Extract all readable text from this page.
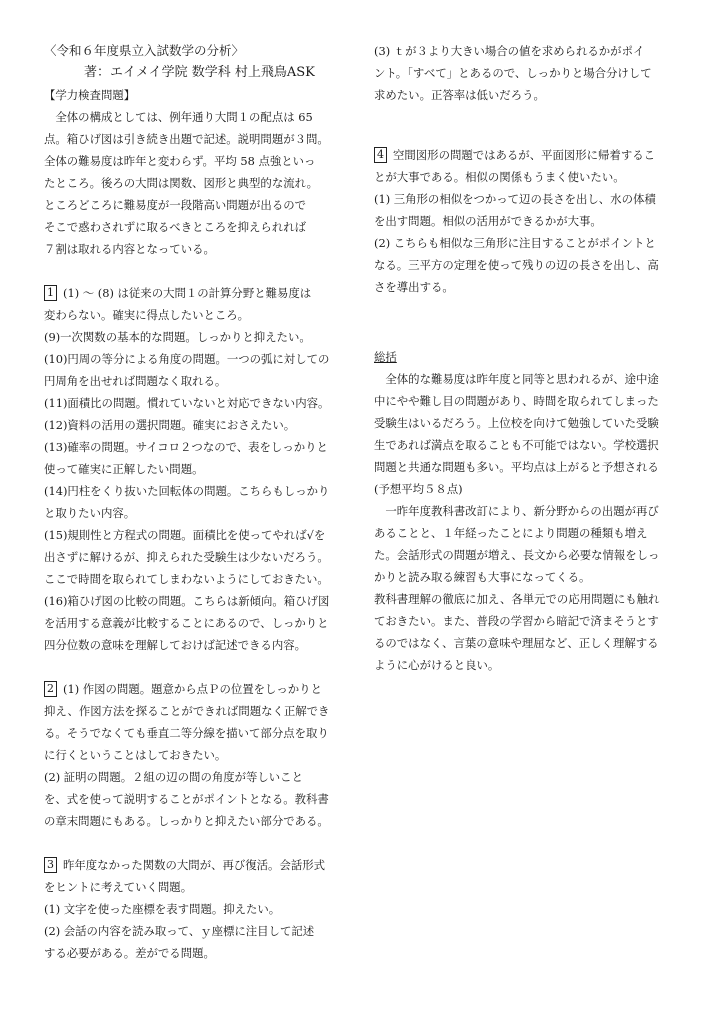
〈令和６年度県立入試数学の分析〉
著：エイメイ学院 数学科 村上飛鳥ASK
【学力検査問題】
　全体の構成としては、例年通り大問１の配点は 65
点。箱ひげ図は引き続き出題で記述。説明問題が３問。
全体の難易度は昨年と変わらず。平均 58 点強といっ
たところ。後ろの大問は関数、図形と典型的な流れ。
ところどころに難易度が一段階高い問題が出るので
そこで惑わされずに取るべきところを抑えられれば
７割は取れる内容となっている。
1 (1) ～ (8) は従来の大問１の計算分野と難易度は
変わらない。確実に得点したいところ。
(9)一次関数の基本的な問題。しっかりと抑えたい。
(10)円周の等分による角度の問題。一つの弧に対しての
円周角を出せれば問題なく取れる。
(11)面積比の問題。慣れていないと対応できない内容。
(12)資料の活用の選択問題。確実におさえたい。
(13)確率の問題。サイコロ２つなので、表をしっかりと
使って確実に正解したい問題。
(14)円柱をくり抜いた回転体の問題。こちらもしっかり
と取りたい内容。
(15)規則性と方程式の問題。面積比を使ってやれば√を
出さずに解けるが、抑えられた受験生は少ないだろう。
ここで時間を取られてしまわないようにしておきたい。
(16)箱ひげ図の比較の問題。こちらは新傾向。箱ひげ図
を活用する意義が比較することにあるので、しっかりと
四分位数の意味を理解しておけば記述できる内容。
2 (1) 作図の問題。題意から点Ｐの位置をしっかりと
抑え、作図方法を探ることができれば問題なく正解でき
る。そうでなくても垂直二等分線を描いて部分点を取り
に行くということはしておきたい。
(2) 証明の問題。２組の辺の間の角度が等しいこと
を、式を使って説明することがポイントとなる。教科書
の章末問題にもある。しっかりと抑えたい部分である。
3 昨年度なかった関数の大問が、再び復活。会話形式
をヒントに考えていく問題。
(1) 文字を使った座標を表す問題。抑えたい。
(2) 会話の内容を読み取って、ｙ座標に注目して記述
する必要がある。差がでる問題。
(3) ｔが３より大きい場合の値を求められるかがポイ
ント。「すべて」とあるので、しっかりと場合分けして
求めたい。正答率は低いだろう。
4 空間図形の問題ではあるが、平面図形に帰着するこ
とが大事である。相似の関係もうまく使いたい。
(1) 三角形の相似をつかって辺の長さを出し、水の体積
を出す問題。相似の活用ができるかが大事。
(2) こちらも相似な三角形に注目することがポイントと
なる。三平方の定理を使って残りの辺の長さを出し、高
さを導出する。
総括
　全体的な難易度は昨年度と同等と思われるが、途中途
中にやや難し目の問題があり、時間を取られてしまった
受験生はいるだろう。上位校を向けて勉強していた受験
生であれば満点を取ることも不可能ではない。学校選択
問題と共通な問題も多い。平均点は上がると予想される
(予想平均５８点)
　一昨年度教科書改訂により、新分野からの出題が再び
あることと、１年経ったことにより問題の種類も増え
た。会話形式の問題が増え、長文から必要な情報をしっ
かりと読み取る練習も大事になってくる。
教科書理解の徹底に加え、各単元での応用問題にも触れ
ておきたい。また、普段の学習から暗記で済まそうとす
るのではなく、言葉の意味や理屈など、正しく理解する
ように心がけると良い。
